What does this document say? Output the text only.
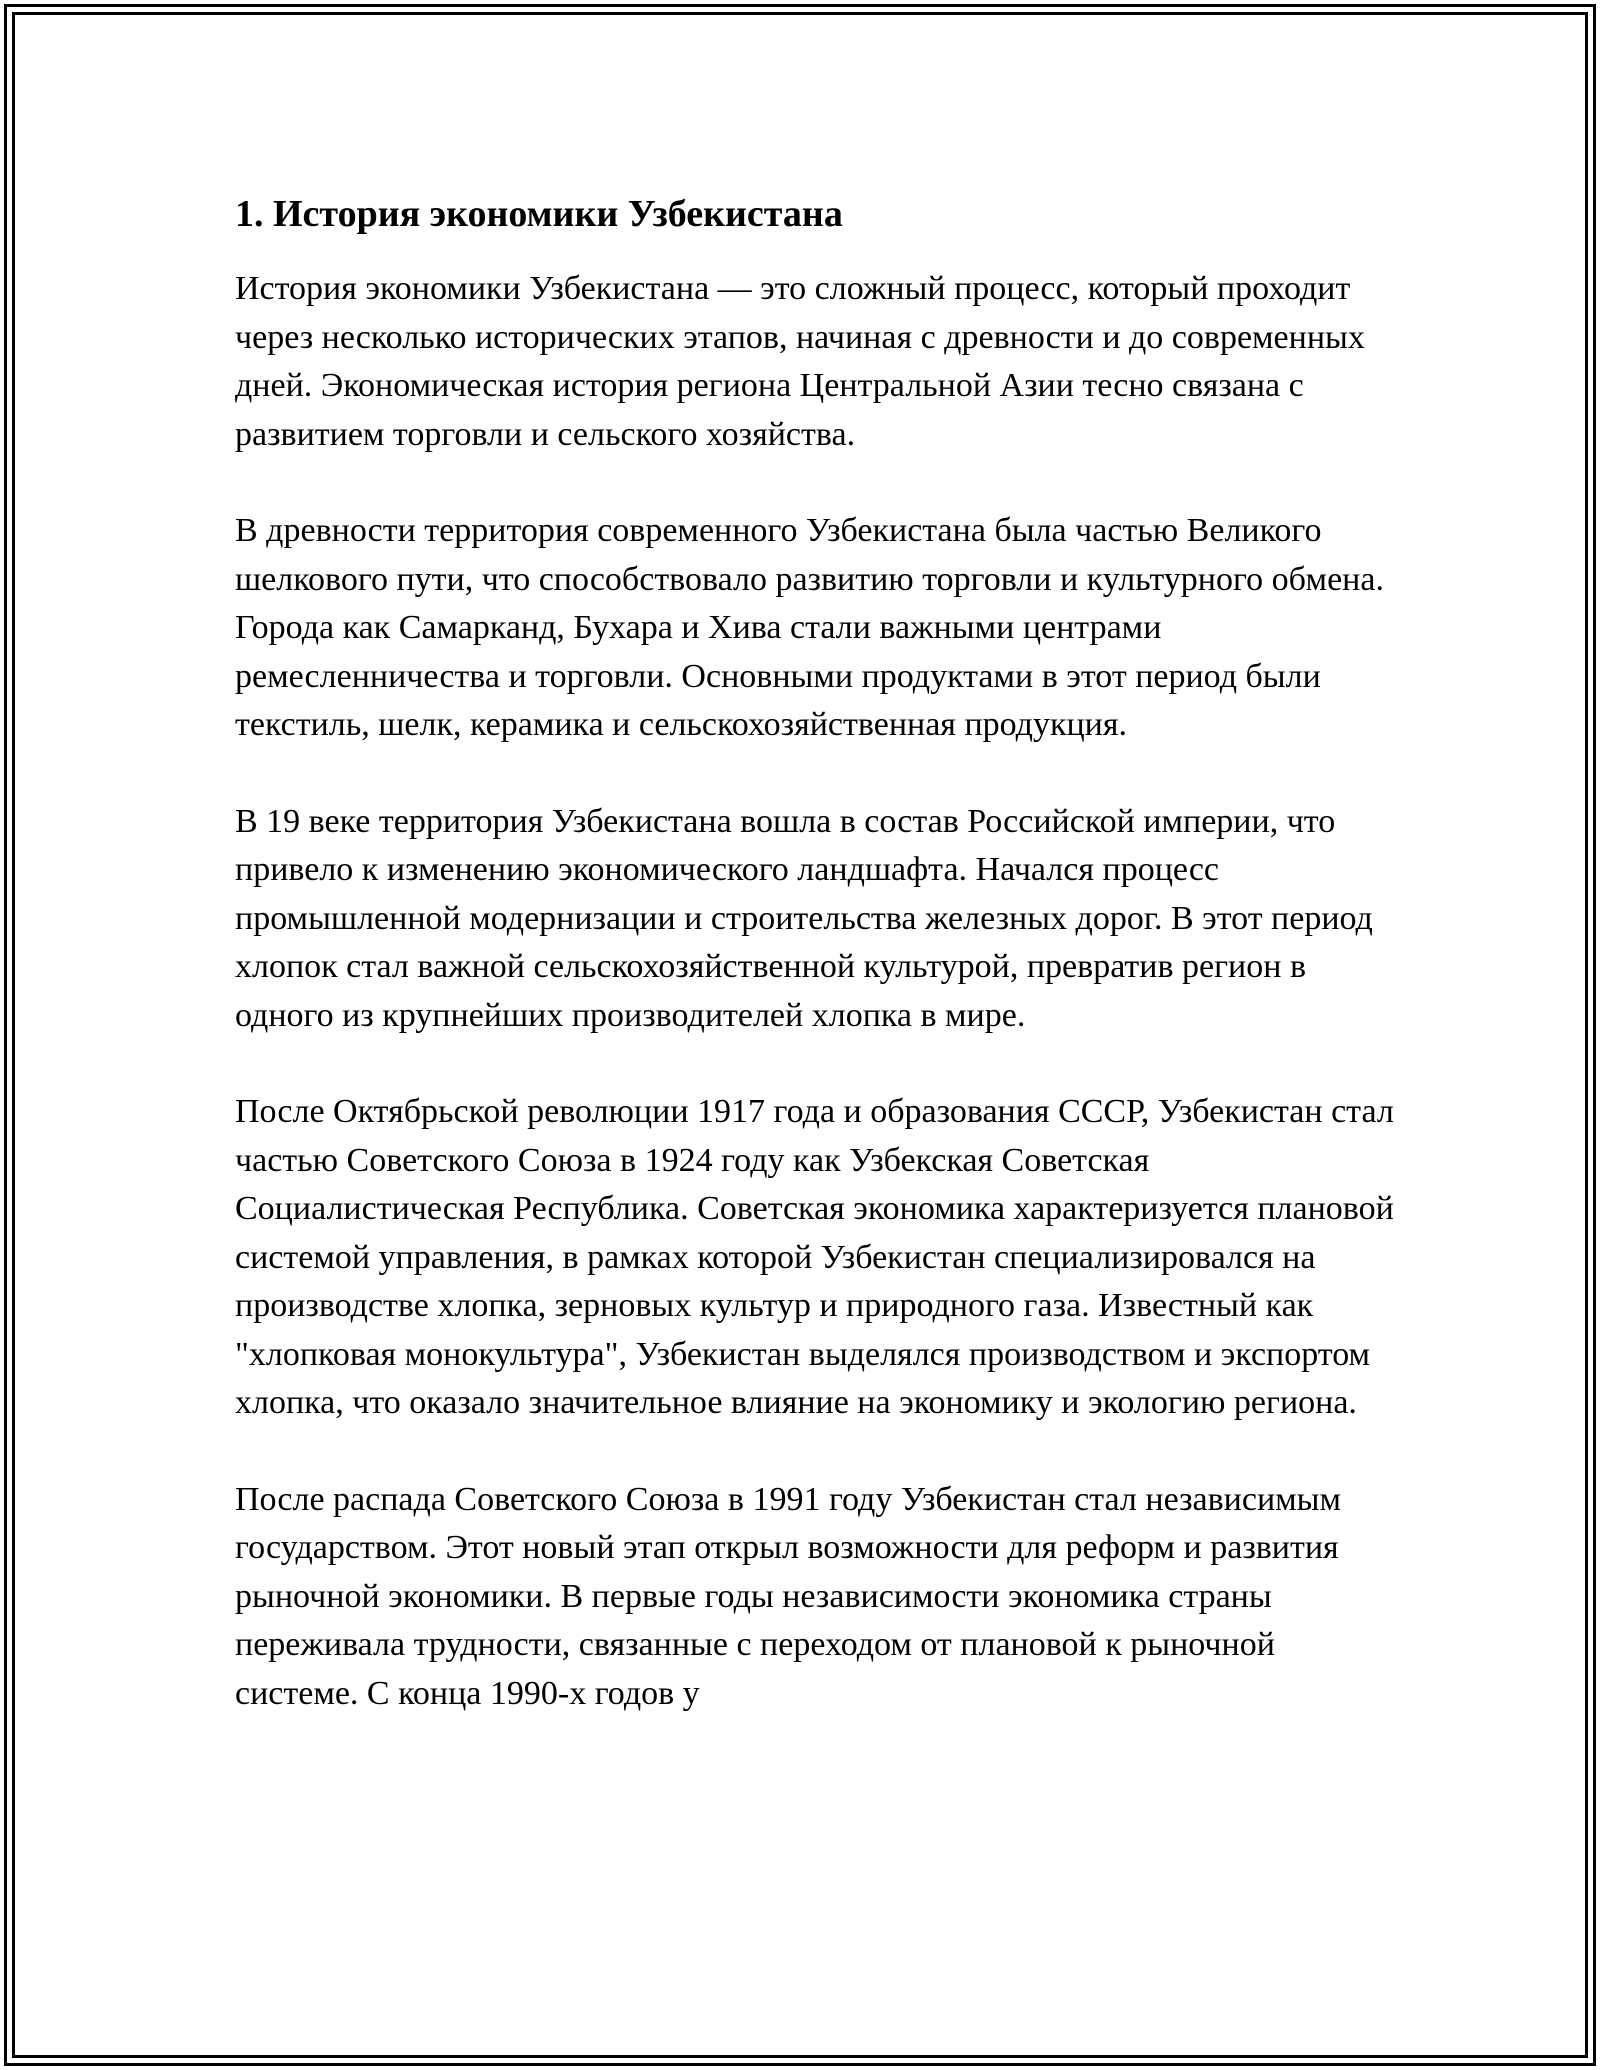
1. История экономики Узбекистана

История экономики Узбекистана — это сложный процесс, который проходит через несколько исторических этапов, начиная с древности и до современных дней. Экономическая история региона Центральной Азии тесно связана с развитием торговли и сельского хозяйства.

В древности территория современного Узбекистана была частью Великого шелкового пути, что способствовало развитию торговли и культурного обмена. Города как Самарканд, Бухара и Хива стали важными центрами ремесленничества и торговли. Основными продуктами в этот период были текстиль, шелк, керамика и сельскохозяйственная продукция.

В 19 веке территория Узбекистана вошла в состав Российской империи, что привело к изменению экономического ландшафта. Начался процесс промышленной модернизации и строительства железных дорог. В этот период хлопок стал важной сельскохозяйственной культурой, превратив регион в одного из крупнейших производителей хлопка в мире.

После Октябрьской революции 1917 года и образования СССР, Узбекистан стал частью Советского Союза в 1924 году как Узбекская Советская Социалистическая Республика. Советская экономика характеризуется плановой системой управления, в рамках которой Узбекистан специализировался на производстве хлопка, зерновых культур и природного газа. Известный как "хлопковая монокультура", Узбекистан выделялся производством и экспортом хлопка, что оказало значительное влияние на экономику и экологию региона.

После распада Советского Союза в 1991 году Узбекистан стал независимым государством. Этот новый этап открыл возможности для реформ и развития рыночной экономики. В первые годы независимости экономика страны переживала трудности, связанные с переходом от плановой к рыночной системе. С конца 1990-х годов у
